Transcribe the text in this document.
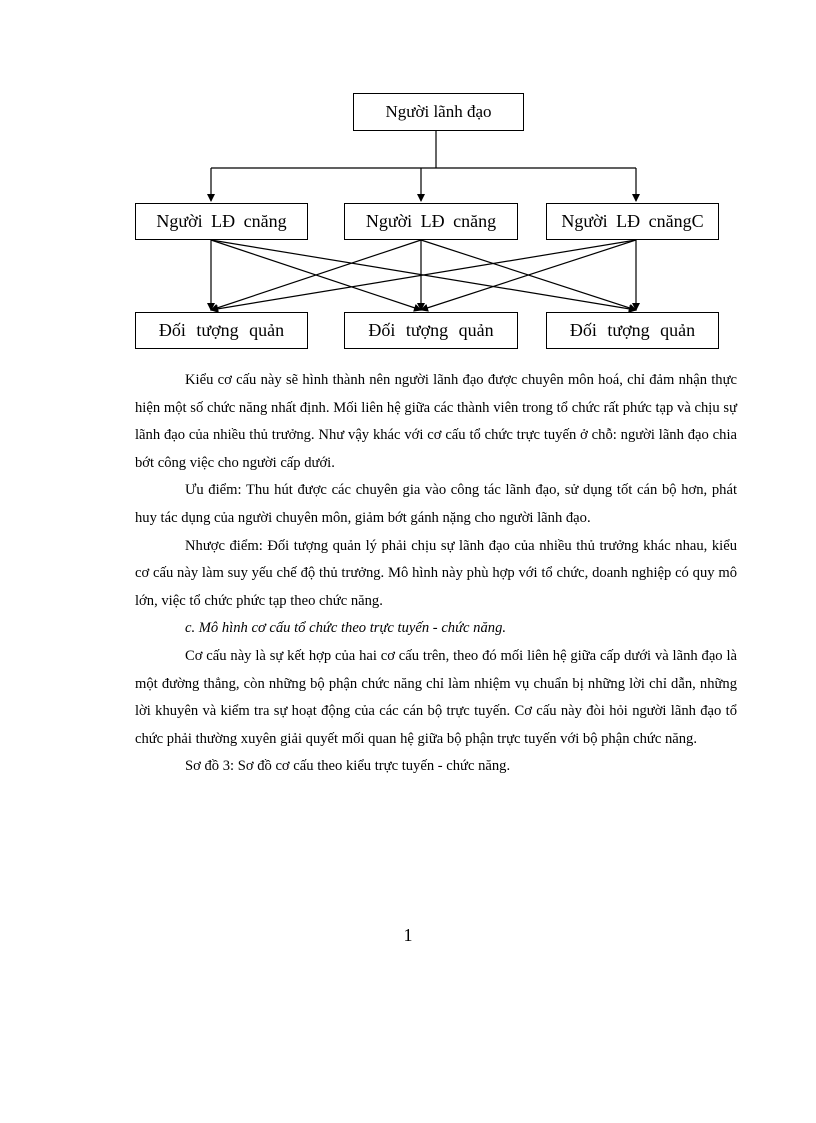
Người lãnh đạo
Người LĐ cnăng	Người LĐ cnăng	Người LĐ cnăngC
Đối tượng quản	Đối tượng quản	Đối tượng quản

Kiểu cơ cấu này sẽ hình thành nên người lãnh đạo được chuyên môn hoá, chỉ đảm nhận thực hiện một số chức năng nhất định. Mối liên hệ giữa các thành viên trong tổ chức rất phức tạp và chịu sự lãnh đạo của nhiều thủ trưởng. Như vậy khác với cơ cấu tổ chức trực tuyến ở chỗ: người lãnh đạo chia bớt công việc cho người cấp dưới.

Ưu điểm: Thu hút được các chuyên gia vào công tác lãnh đạo, sử dụng tốt cán bộ hơn, phát huy tác dụng của người chuyên môn, giảm bớt gánh nặng cho người lãnh đạo.

Nhược điểm: Đối tượng quản lý phải chịu sự lãnh đạo của nhiều thủ trưởng khác nhau, kiểu cơ cấu này làm suy yếu chế độ thủ trưởng. Mô hình này phù hợp với tổ chức, doanh nghiệp có quy mô lớn, việc tổ chức phức tạp theo chức năng.

c. Mô hình cơ cấu tổ chức theo trực tuyến - chức năng.

Cơ cấu này là sự kết hợp của hai cơ cấu trên, theo đó mối liên hệ giữa cấp dưới và lãnh đạo là một đường thẳng, còn những bộ phận chức năng chỉ làm nhiệm vụ chuẩn bị những lời chỉ dẫn, những lời khuyên và kiểm tra sự hoạt động của các cán bộ trực tuyến. Cơ cấu này đòi hỏi người lãnh đạo tổ chức phải thường xuyên giải quyết mối quan hệ giữa bộ phận trực tuyến với bộ phận chức năng.

Sơ đồ 3: Sơ đồ cơ cấu theo kiểu trực tuyến - chức năng.

1
